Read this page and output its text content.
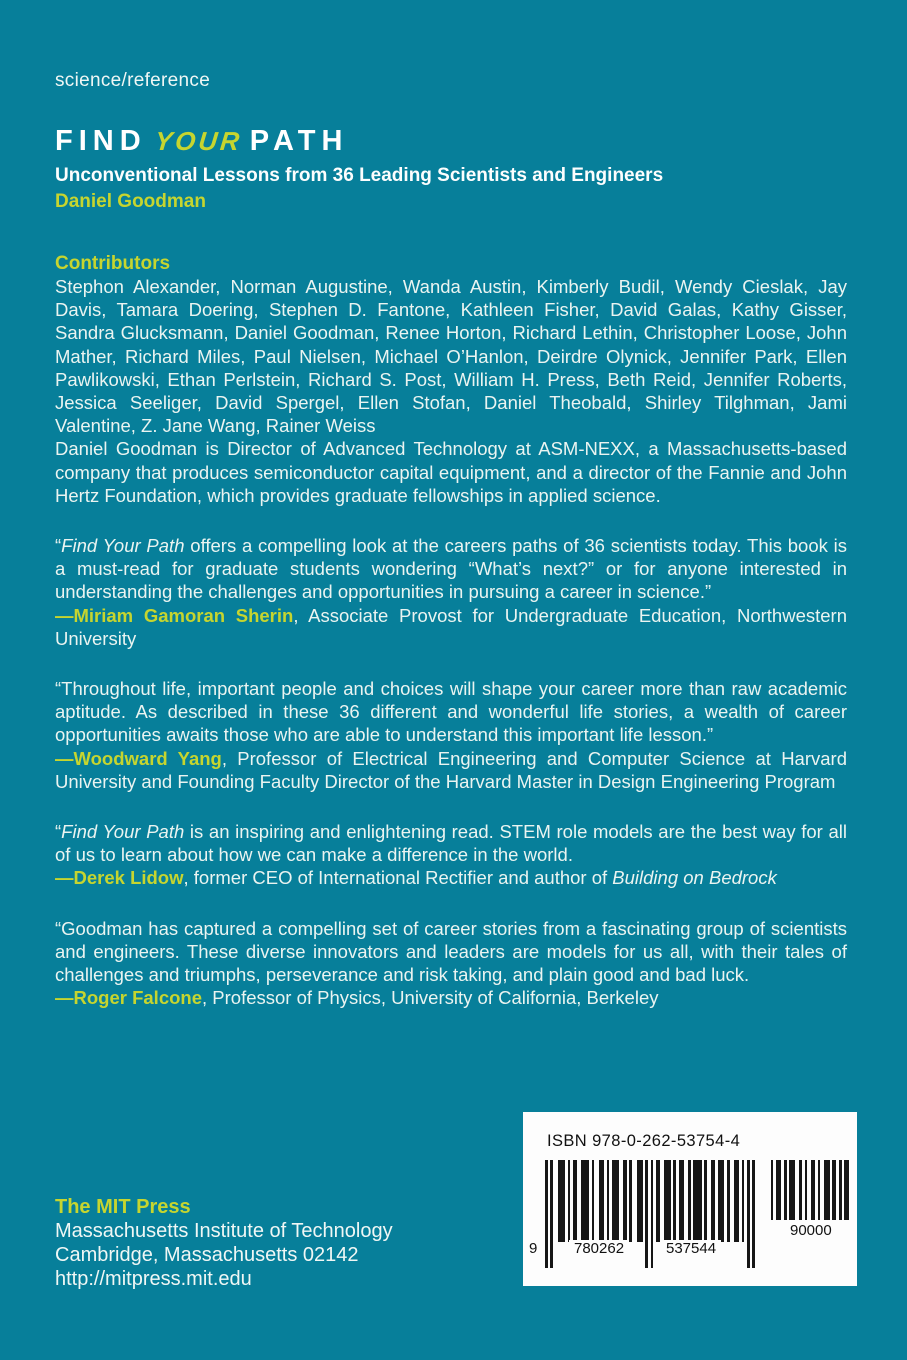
science/reference

FIND YOUR PATH

Unconventional Lessons from 36 Leading Scientists and Engineers

Daniel Goodman

Contributors

Stephon Alexander, Norman Augustine, Wanda Austin, Kimberly Budil, Wendy Cieslak, Jay Davis, Tamara Doering, Stephen D. Fantone, Kathleen Fisher, David Galas, Kathy Gisser, Sandra Glucksmann, Daniel Goodman, Renee Horton, Richard Lethin, Christopher Loose, John Mather, Richard Miles, Paul Nielsen, Michael O’Hanlon, Deirdre Olynick, Jennifer Park, Ellen Pawlikowski, Ethan Perlstein, Richard S. Post, William H. Press, Beth Reid, Jennifer Roberts, Jessica Seeliger, David Spergel, Ellen Stofan, Daniel Theobald, Shirley Tilghman, Jami Valentine, Z. Jane Wang, Rainer Weiss

Daniel Goodman is Director of Advanced Technology at ASM-NEXX, a Massachusetts-based company that produces semiconductor capital equipment, and a director of the Fannie and John Hertz Foundation, which provides graduate fellowships in applied science.

“Find Your Path offers a compelling look at the careers paths of 36 scientists today. This book is a must-read for graduate students wondering “What’s next?” or for anyone interested in understanding the challenges and opportunities in pursuing a career in science.”

—Miriam Gamoran Sherin, Associate Provost for Undergraduate Education, Northwestern University

“Throughout life, important people and choices will shape your career more than raw academic aptitude. As described in these 36 different and wonderful life stories, a wealth of career opportunities awaits those who are able to understand this important life lesson.”

—Woodward Yang, Professor of Electrical Engineering and Computer Science at Harvard University and Founding Faculty Director of the Harvard Master in Design Engineering Program

“Find Your Path is an inspiring and enlightening read. STEM role models are the best way for all of us to learn about how we can make a difference in the world.

—Derek Lidow, former CEO of International Rectifier and author of Building on Bedrock

“Goodman has captured a compelling set of career stories from a fascinating group of scientists and engineers. These diverse innovators and leaders are models for us all, with their tales of challenges and triumphs, perseverance and risk taking, and plain good and bad luck.

—Roger Falcone, Professor of Physics, University of California, Berkeley

The MIT Press

Massachusetts Institute of Technology

Cambridge, Massachusetts 02142

http://mitpress.mit.edu

ISBN 978-0-262-53754-4
9	780262	537544
90000
